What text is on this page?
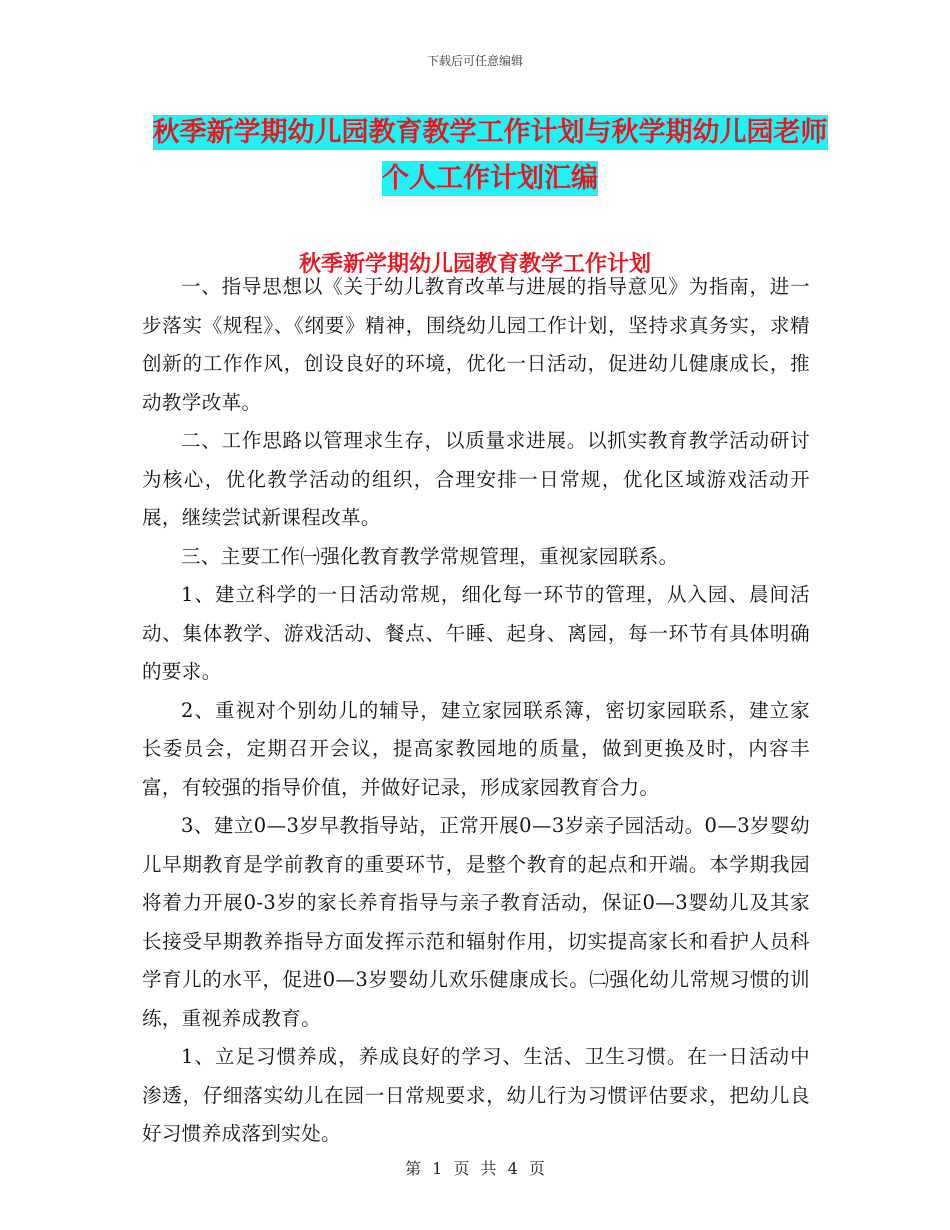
下载后可任意编辑
秋季新学期幼儿园教育教学工作计划与秋学期幼儿园老师个人工作计划汇编
秋季新学期幼儿园教育教学工作计划

一、指导思想以《关于幼儿教育改革与进展的指导意见》为指南，进一步落实《规程》、《纲要》精神，围绕幼儿园工作计划，坚持求真务实，求精创新的工作作风，创设良好的环境，优化一日活动，促进幼儿健康成长，推动教学改革。

二、工作思路以管理求生存，以质量求进展。以抓实教育教学活动研讨为核心，优化教学活动的组织，合理安排一日常规，优化区域游戏活动开展，继续尝试新课程改革。

三、主要工作㈠强化教育教学常规管理，重视家园联系。

1、建立科学的一日活动常规，细化每一环节的管理，从入园、晨间活动、集体教学、游戏活动、餐点、午睡、起身、离园，每一环节有具体明确的要求。

2、重视对个别幼儿的辅导，建立家园联系簿，密切家园联系，建立家长委员会，定期召开会议，提高家教园地的质量，做到更换及时，内容丰富，有较强的指导价值，并做好记录，形成家园教育合力。

3、建立0—3岁早教指导站，正常开展0—3岁亲子园活动。0—3岁婴幼儿早期教育是学前教育的重要环节，是整个教育的起点和开端。本学期我园将着力开展0-3岁的家长养育指导与亲子教育活动，保证0—3婴幼儿及其家长接受早期教养指导方面发挥示范和辐射作用，切实提高家长和看护人员科学育儿的水平，促进0—3岁婴幼儿欢乐健康成长。㈡强化幼儿常规习惯的训练，重视养成教育。

1、立足习惯养成，养成良好的学习、生活、卫生习惯。在一日活动中渗透，仔细落实幼儿在园一日常规要求，幼儿行为习惯评估要求，把幼儿良好习惯养成落到实处。

第 1 页 共 4 页
